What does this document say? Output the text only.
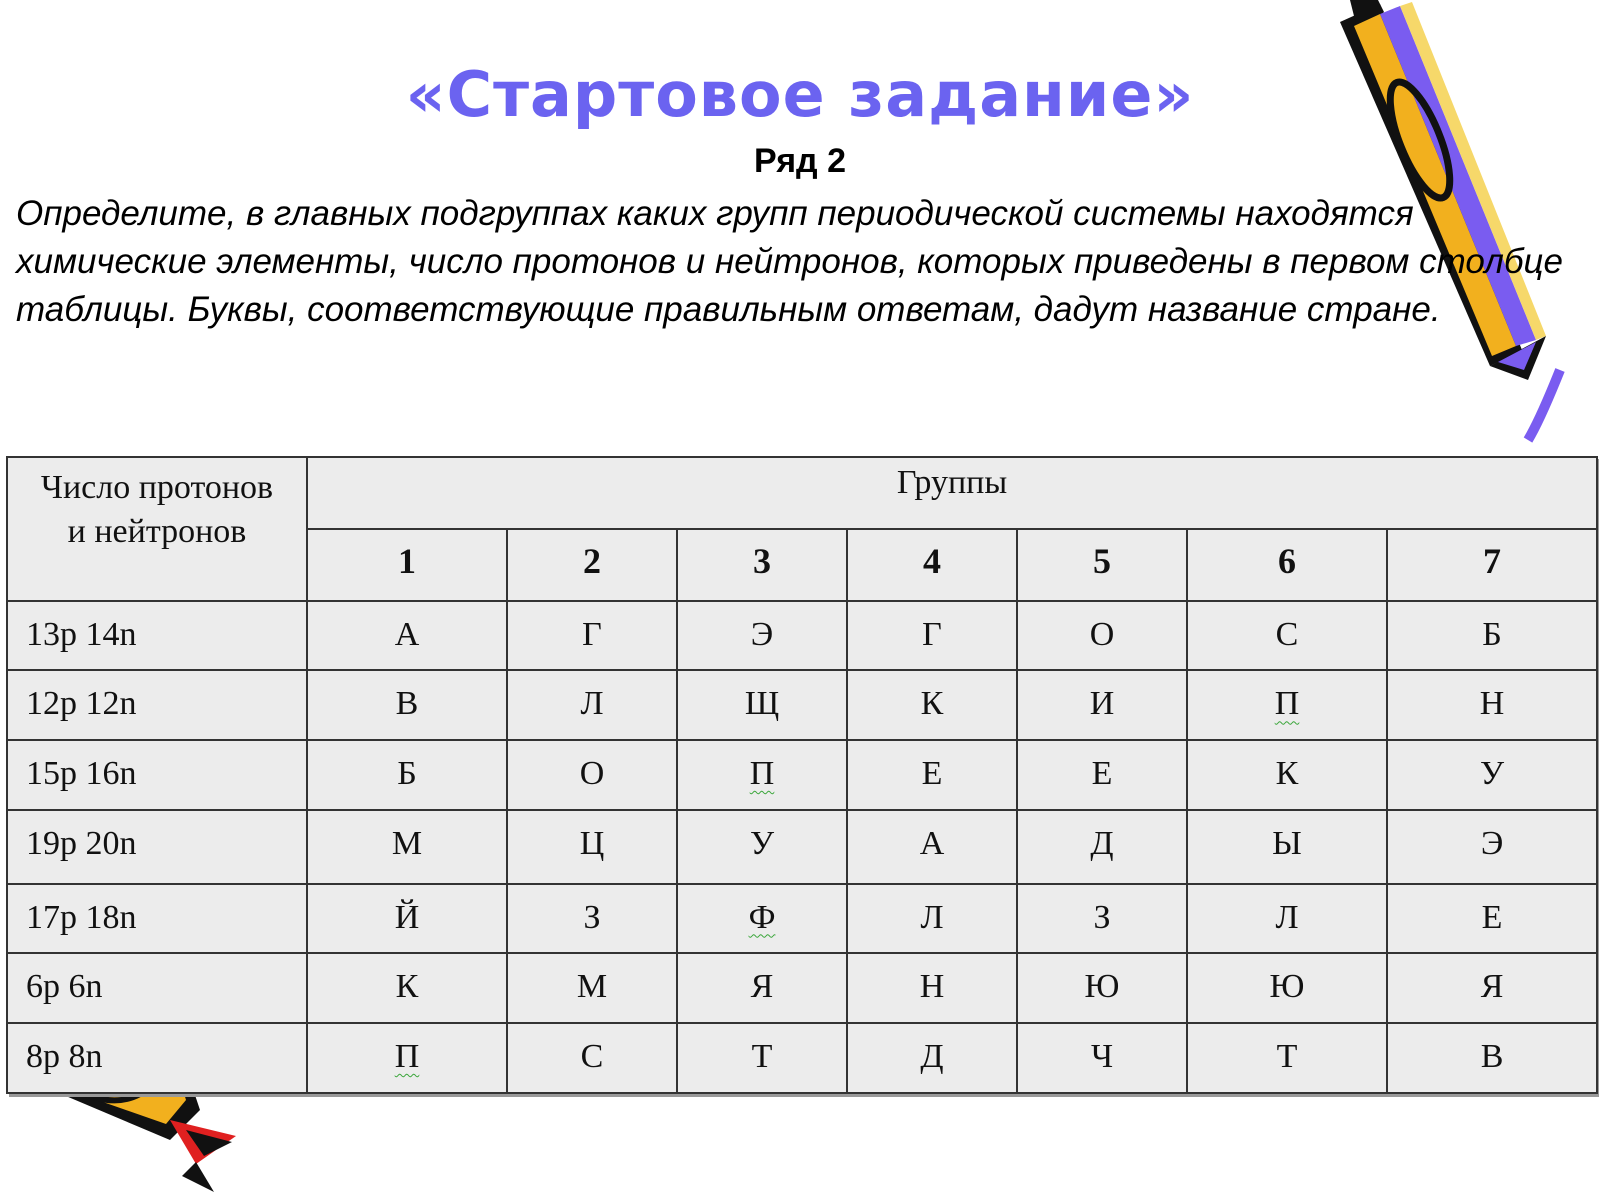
«Стартовое задание»
Ряд 2
Определите, в главных подгруппах каких групп периодической системы находятся химические элементы, число протонов и нейтронов, которых приведены в первом столбце таблицы. Буквы, соответствующие правильным ответам, дадут название стране.
Число протонов
и нейтронов	Группы						
	1	2	3	4	5	6	7
13p 14n	А	Г	Э	Г	О	С	Б
12p 12n	В	Л	Щ	К	И	П	Н
15p 16n	Б	О	П	Е	Е	К	У
19p 20n	М	Ц	У	А	Д	Ы	Э
17p 18n	Й	З	Ф	Л	З	Л	Е
6p 6n	К	М	Я	Н	Ю	Ю	Я
8p 8n	П	С	Т	Д	Ч	Т	В
